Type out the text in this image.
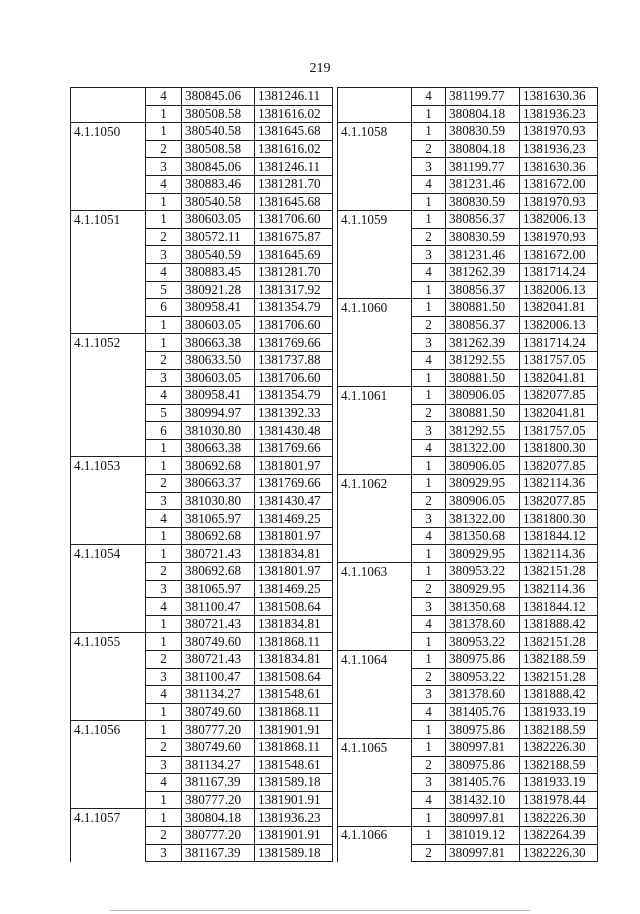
219
	4	380845.06	1381246.11
	1	380508.58	1381616.02
4.1.1050	1	380540.58	1381645.68
	2	380508.58	1381616.02
	3	380845.06	1381246.11
	4	380883.46	1381281.70
	1	380540.58	1381645.68
4.1.1051	1	380603.05	1381706.60
	2	380572.11	1381675.87
	3	380540.59	1381645.69
	4	380883.45	1381281.70
	5	380921.28	1381317.92
	6	380958.41	1381354.79
	1	380603.05	1381706.60
4.1.1052	1	380663.38	1381769.66
	2	380633.50	1381737.88
	3	380603.05	1381706.60
	4	380958.41	1381354.79
	5	380994.97	1381392.33
	6	381030.80	1381430.48
	1	380663.38	1381769.66
4.1.1053	1	380692.68	1381801.97
	2	380663.37	1381769.66
	3	381030.80	1381430.47
	4	381065.97	1381469.25
	1	380692.68	1381801.97
4.1.1054	1	380721.43	1381834.81
	2	380692.68	1381801.97
	3	381065.97	1381469.25
	4	381100.47	1381508.64
	1	380721.43	1381834.81
4.1.1055	1	380749.60	1381868.11
	2	380721.43	1381834.81
	3	381100.47	1381508.64
	4	381134.27	1381548.61
	1	380749.60	1381868.11
4.1.1056	1	380777.20	1381901.91
	2	380749.60	1381868.11
	3	381134.27	1381548.61
	4	381167.39	1381589.18
	1	380777.20	1381901.91
4.1.1057	1	380804.18	1381936.23
	2	380777.20	1381901.91
	3	381167.39	1381589.18
	4	381199.77	1381630.36
	1	380804.18	1381936.23
4.1.1058	1	380830.59	1381970.93
	2	380804.18	1381936.23
	3	381199.77	1381630.36
	4	381231.46	1381672.00
	1	380830.59	1381970.93
4.1.1059	1	380856.37	1382006.13
	2	380830.59	1381970.93
	3	381231.46	1381672.00
	4	381262.39	1381714.24
	1	380856.37	1382006.13
4.1.1060	1	380881.50	1382041.81
	2	380856.37	1382006.13
	3	381262.39	1381714.24
	4	381292.55	1381757.05
	1	380881.50	1382041.81
4.1.1061	1	380906.05	1382077.85
	2	380881.50	1382041.81
	3	381292.55	1381757.05
	4	381322.00	1381800.30
	1	380906.05	1382077.85
4.1.1062	1	380929.95	1382114.36
	2	380906.05	1382077.85
	3	381322.00	1381800.30
	4	381350.68	1381844.12
	1	380929.95	1382114.36
4.1.1063	1	380953.22	1382151.28
	2	380929.95	1382114.36
	3	381350.68	1381844.12
	4	381378.60	1381888.42
	1	380953.22	1382151.28
4.1.1064	1	380975.86	1382188.59
	2	380953.22	1382151.28
	3	381378.60	1381888.42
	4	381405.76	1381933.19
	1	380975.86	1382188.59
4.1.1065	1	380997.81	1382226.30
	2	380975.86	1382188.59
	3	381405.76	1381933.19
	4	381432.10	1381978.44
	1	380997.81	1382226.30
4.1.1066	1	381019.12	1382264.39
	2	380997.81	1382226.30
